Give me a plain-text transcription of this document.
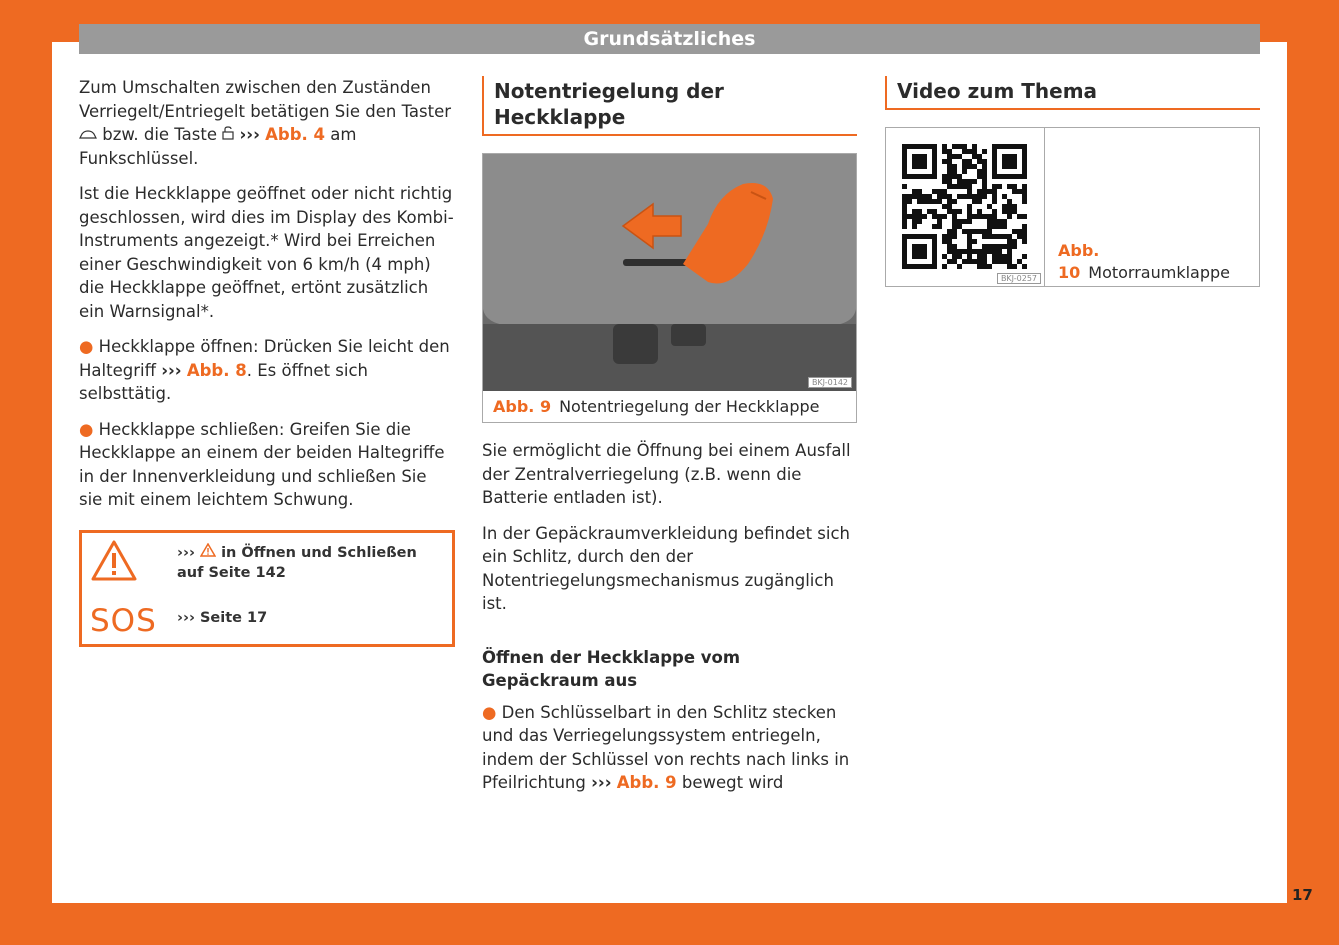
Grundsätzliches

Zum Umschalten zwischen den Zuständen Verriegelt/Entriegelt betätigen Sie den Taster  bzw. die Taste ››› Abb. 4 am Funkschlüssel.

Ist die Heckklappe geöffnet oder nicht richtig geschlossen, wird dies im Display des Kombi-Instruments angezeigt.* Wird bei Erreichen einer Geschwindigkeit von 6 km/h (4 mph) die Heckklappe geöffnet, ertönt zusätzlich ein Warnsignal*.

● Heckklappe öffnen: Drücken Sie leicht den Haltegriff ››› Abb. 8. Es öffnet sich selbsttätig.

● Heckklappe schließen: Greifen Sie die Heckklappe an einem der beiden Haltegriffe in der Innenverkleidung und schließen Sie sie mit einem leichtem Schwung.

››› in Öffnen und Schließen auf Seite 142
SOS ››› Seite 17
Notentriegelung der Heckklappe
BKJ-0142
Abb. 9 Notentriegelung der Heckklappe

Sie ermöglicht die Öffnung bei einem Ausfall der Zentralverriegelung (z.B. wenn die Batterie entladen ist).

In der Gepäckraumverkleidung befindet sich ein Schlitz, durch den der Notentriegelungsmechanismus zugänglich ist.

Öffnen der Heckklappe vom Gepäckraum aus

● Den Schlüsselbart in den Schlitz stecken und das Verriegelungssystem entriegeln, indem der Schlüssel von rechts nach links in Pfeilrichtung ››› Abb. 9 bewegt wird

Video zum Thema
BKJ-0257
Abb. 10 Motorraumklappe
17
